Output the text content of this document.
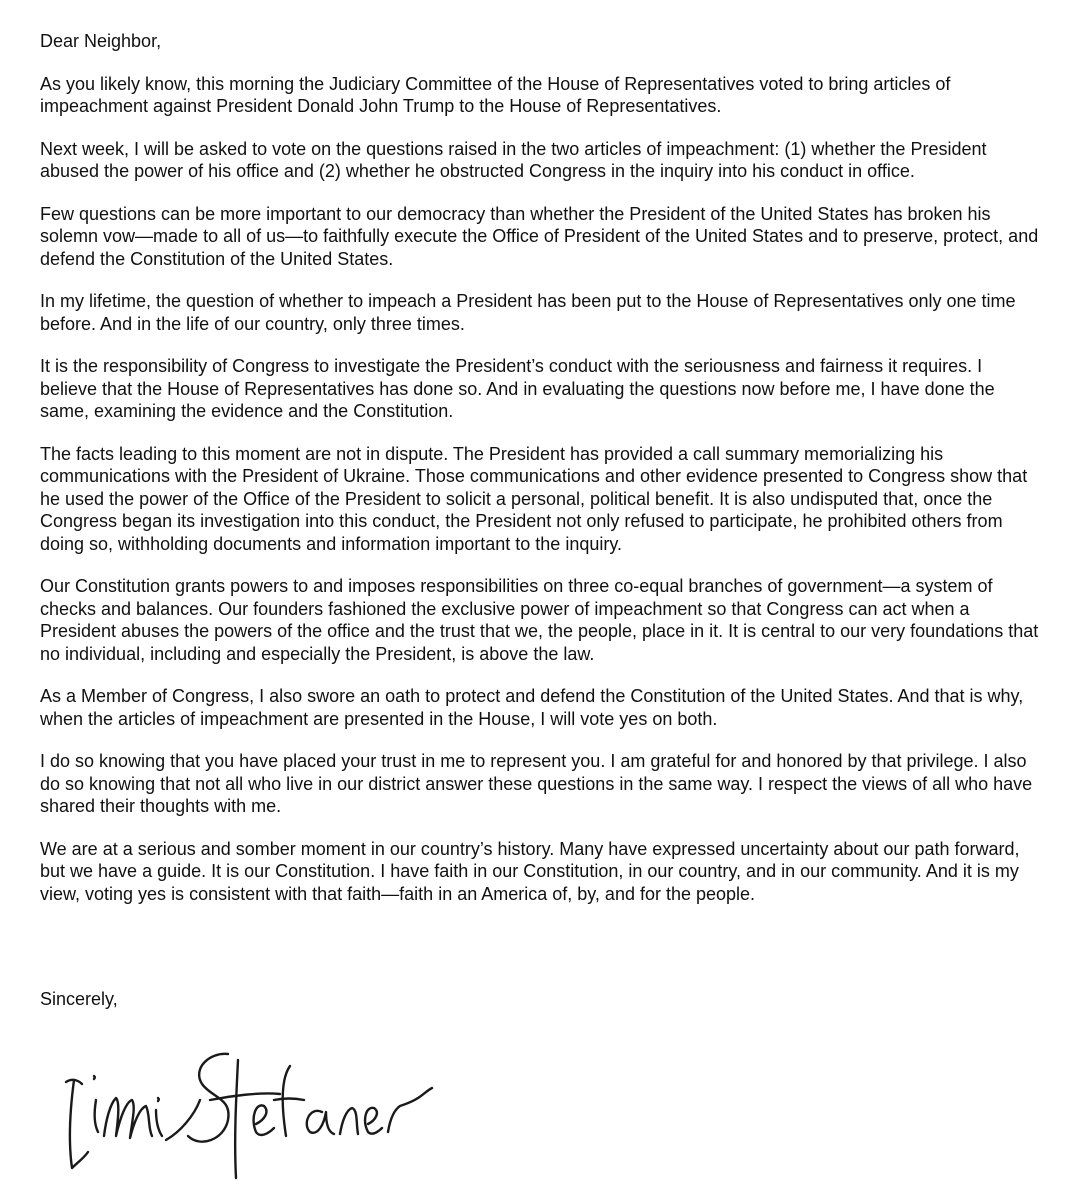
Dear Neighbor,

As you likely know, this morning the Judiciary Committee of the House of Representatives voted to bring articles of impeachment against President Donald John Trump to the House of Representatives.

Next week, I will be asked to vote on the questions raised in the two articles of impeachment: (1) whether the President abused the power of his office and (2) whether he obstructed Congress in the inquiry into his conduct in office.

Few questions can be more important to our democracy than whether the President of the United States has broken his solemn vow—made to all of us—to faithfully execute the Office of President of the United States and to preserve, protect, and defend the Constitution of the United States.

In my lifetime, the question of whether to impeach a President has been put to the House of Representatives only one time before. And in the life of our country, only three times.

It is the responsibility of Congress to investigate the President’s conduct with the seriousness and fairness it requires. I believe that the House of Representatives has done so. And in evaluating the questions now before me, I have done the same, examining the evidence and the Constitution.

The facts leading to this moment are not in dispute. The President has provided a call summary memorializing his communications with the President of Ukraine. Those communications and other evidence presented to Congress show that he used the power of the Office of the President to solicit a personal, political benefit. It is also undisputed that, once the Congress began its investigation into this conduct, the President not only refused to participate, he prohibited others from doing so, withholding documents and information important to the inquiry.

Our Constitution grants powers to and imposes responsibilities on three co-equal branches of government—a system of checks and balances. Our founders fashioned the exclusive power of impeachment so that Congress can act when a President abuses the powers of the office and the trust that we, the people, place in it. It is central to our very foundations that no individual, including and especially the President, is above the law.

As a Member of Congress, I also swore an oath to protect and defend the Constitution of the United States. And that is why, when the articles of impeachment are presented in the House, I will vote yes on both.

I do so knowing that you have placed your trust in me to represent you. I am grateful for and honored by that privilege. I also do so knowing that not all who live in our district answer these questions in the same way. I respect the views of all who have shared their thoughts with me.

We are at a serious and somber moment in our country’s history. Many have expressed uncertainty about our path forward, but we have a guide. It is our Constitution. I have faith in our Constitution, in our country, and in our community. And it is my view, voting yes is consistent with that faith—faith in an America of, by, and for the people.

Sincerely,
